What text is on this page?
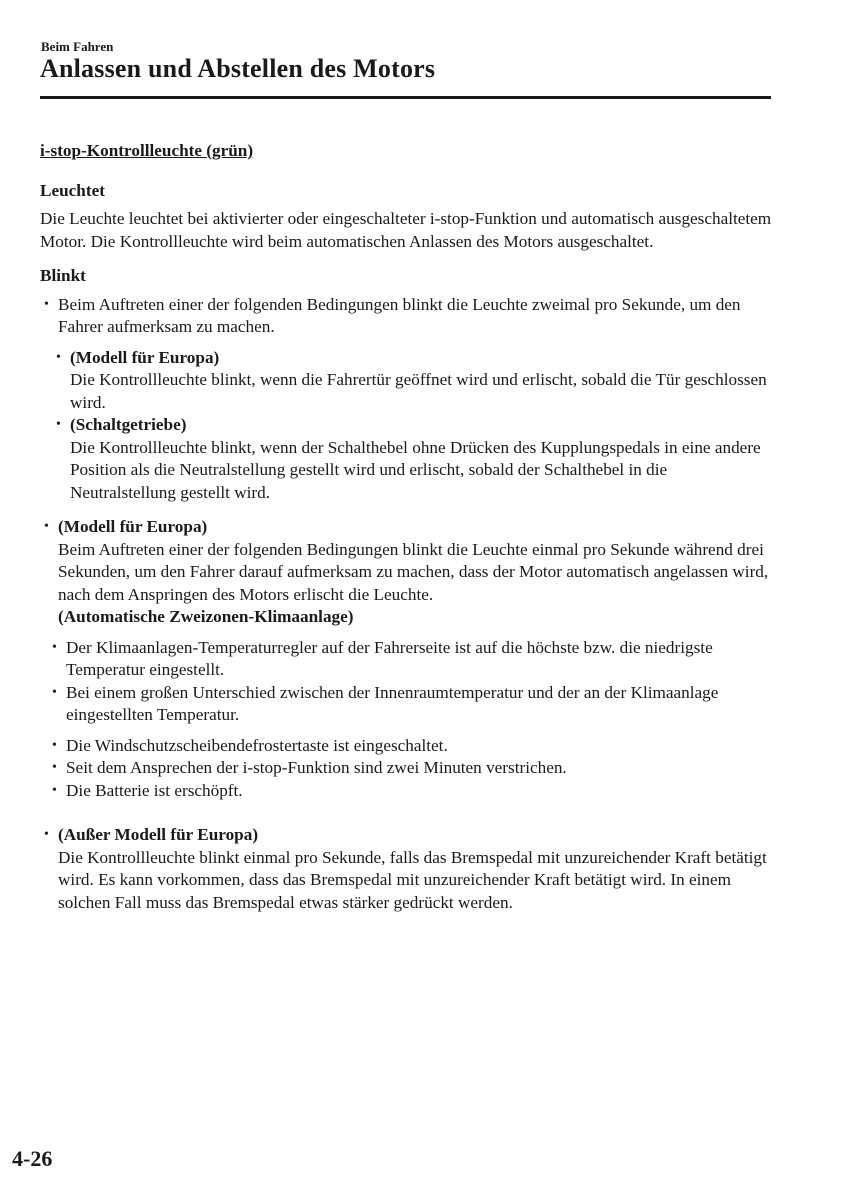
Beim Fahren
Anlassen und Abstellen des Motors

i-stop-Kontrollleuchte (grün)

Leuchtet

Die Leuchte leuchtet bei aktivierter oder eingeschalteter i-stop-Funktion und automatisch ausgeschaltetem Motor. Die Kontrollleuchte wird beim automatischen Anlassen des Motors ausgeschaltet.

Blinkt

• Beim Auftreten einer der folgenden Bedingungen blinkt die Leuchte zweimal pro Sekunde, um den Fahrer aufmerksam zu machen.

• (Modell für Europa)

Die Kontrollleuchte blinkt, wenn die Fahrertür geöffnet wird und erlischt, sobald die Tür geschlossen wird.

• (Schaltgetriebe)

Die Kontrollleuchte blinkt, wenn der Schalthebel ohne Drücken des Kupplungspedals in eine andere Position als die Neutralstellung gestellt wird und erlischt, sobald der Schalthebel in die Neutralstellung gestellt wird.

• (Modell für Europa)

Beim Auftreten einer der folgenden Bedingungen blinkt die Leuchte einmal pro Sekunde während drei Sekunden, um den Fahrer darauf aufmerksam zu machen, dass der Motor automatisch angelassen wird, nach dem Anspringen des Motors erlischt die Leuchte.

(Automatische Zweizonen-Klimaanlage)

• Der Klimaanlagen-Temperaturregler auf der Fahrerseite ist auf die höchste bzw. die niedrigste Temperatur eingestellt.

• Bei einem großen Unterschied zwischen der Innenraumtemperatur und der an der Klimaanlage eingestellten Temperatur.

• Die Windschutzscheibendefrostertaste ist eingeschaltet.

• Seit dem Ansprechen der i-stop-Funktion sind zwei Minuten verstrichen.

• Die Batterie ist erschöpft.

• (Außer Modell für Europa)

Die Kontrollleuchte blinkt einmal pro Sekunde, falls das Bremspedal mit unzureichender Kraft betätigt wird. Es kann vorkommen, dass das Bremspedal mit unzureichender Kraft betätigt wird. In einem solchen Fall muss das Bremspedal etwas stärker gedrückt werden.

4-26
